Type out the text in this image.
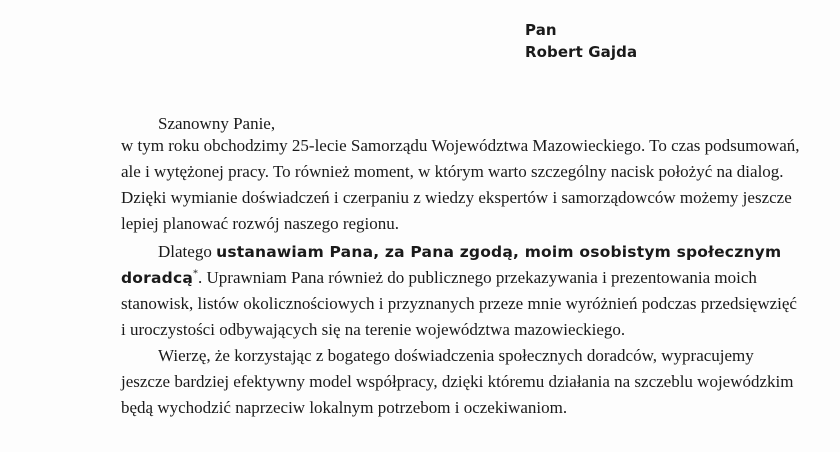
Pan
Robert Gajda
Szanowny Panie,
w tym roku obchodzimy 25-lecie Samorządu Województwa Mazowieckiego. To czas podsumowań,
ale i wytężonej pracy. To również moment, w którym warto szczególny nacisk położyć na dialog.
Dzięki wymianie doświadczeń i czerpaniu z wiedzy ekspertów i samorządowców możemy jeszcze
lepiej planować rozwój naszego regionu.
Dlatego ustanawiam Pana, za Pana zgodą, moim osobistym społecznym
doradcą*. Uprawniam Pana również do publicznego przekazywania i prezentowania moich
stanowisk, listów okolicznościowych i przyznanych przeze mnie wyróżnień podczas przedsięwzięć
i uroczystości odbywających się na terenie województwa mazowieckiego.
Wierzę, że korzystając z bogatego doświadczenia społecznych doradców, wypracujemy
jeszcze bardziej efektywny model współpracy, dzięki któremu działania na szczeblu wojewódzkim
będą wychodzić naprzeciw lokalnym potrzebom i oczekiwaniom.
